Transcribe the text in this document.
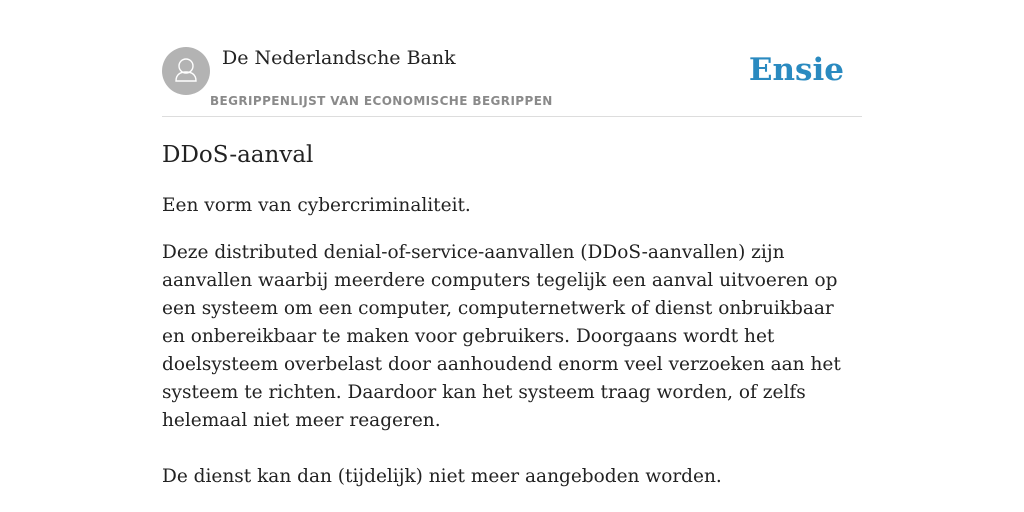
De Nederlandsche Bank
BEGRIPPENLIJST VAN ECONOMISCHE BEGRIPPEN
Ensie
DDoS-aanval

Een vorm van cybercriminaliteit.

Deze distributed denial-of-service-aanvallen (DDoS-aanvallen) zijn aanvallen waarbij meerdere computers tegelijk een aanval uitvoeren op een systeem om een computer, computernetwerk of dienst onbruikbaar en onbereikbaar te maken voor gebruikers. Doorgaans wordt het doelsysteem overbelast door aanhoudend enorm veel verzoeken aan het systeem te richten. Daardoor kan het systeem traag worden, of zelfs helemaal niet meer reageren.

De dienst kan dan (tijdelijk) niet meer aangeboden worden.
